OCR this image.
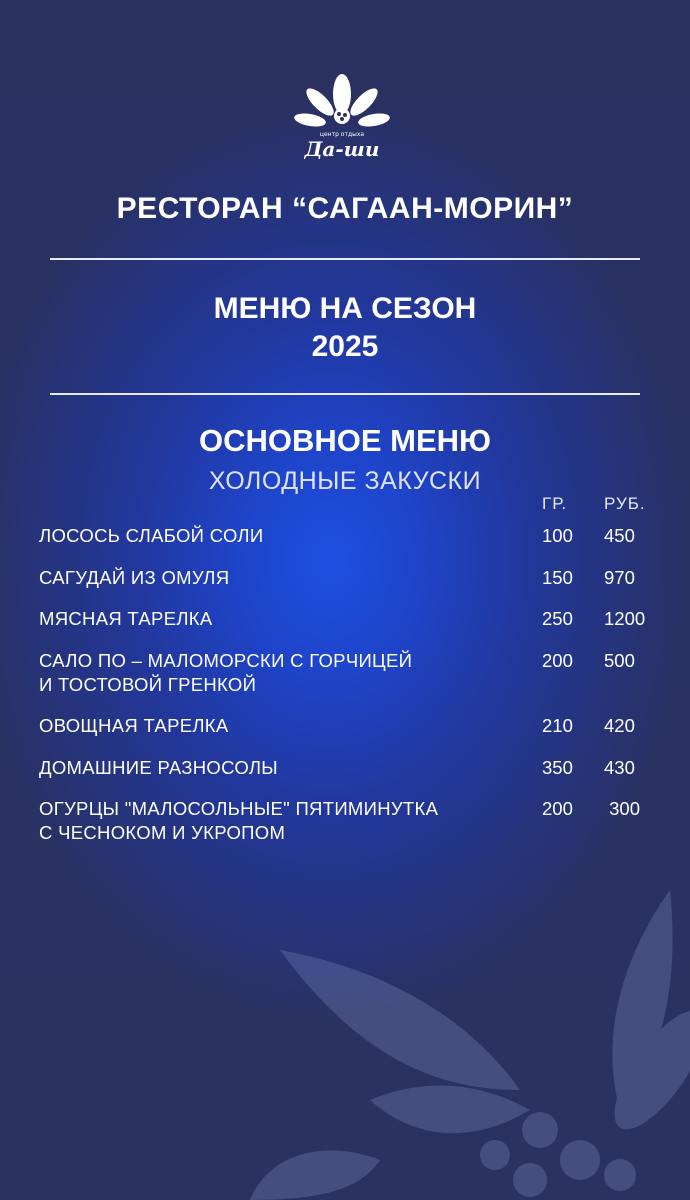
центр отдыха
Да-ши
РЕСТОРАН “САГААН-МОРИН”
МЕНЮ НА СЕЗОН
2025
ОСНОВНОЕ МЕНЮ
ХОЛОДНЫЕ ЗАКУСКИ
ГР. РУБ.
ЛОСОСЬ СЛАБОЙ СОЛИ	100 450
САГУДАЙ ИЗ ОМУЛЯ	150 970
МЯСНАЯ ТАРЕЛКА	250 1200
САЛО ПО – МАЛОМОРСКИ С ГОРЧИЦЕЙ
И ТОСТОВОЙ ГРЕНКОЙ
200 500
ОВОЩНАЯ ТАРЕЛКА	210 420
ДОМАШНИЕ РАЗНОСОЛЫ	350 430
ОГУРЦЫ "МАЛОСОЛЬНЫЕ" ПЯТИМИНУТКА
С ЧЕСНОКОМ И УКРОПОМ
200 300
